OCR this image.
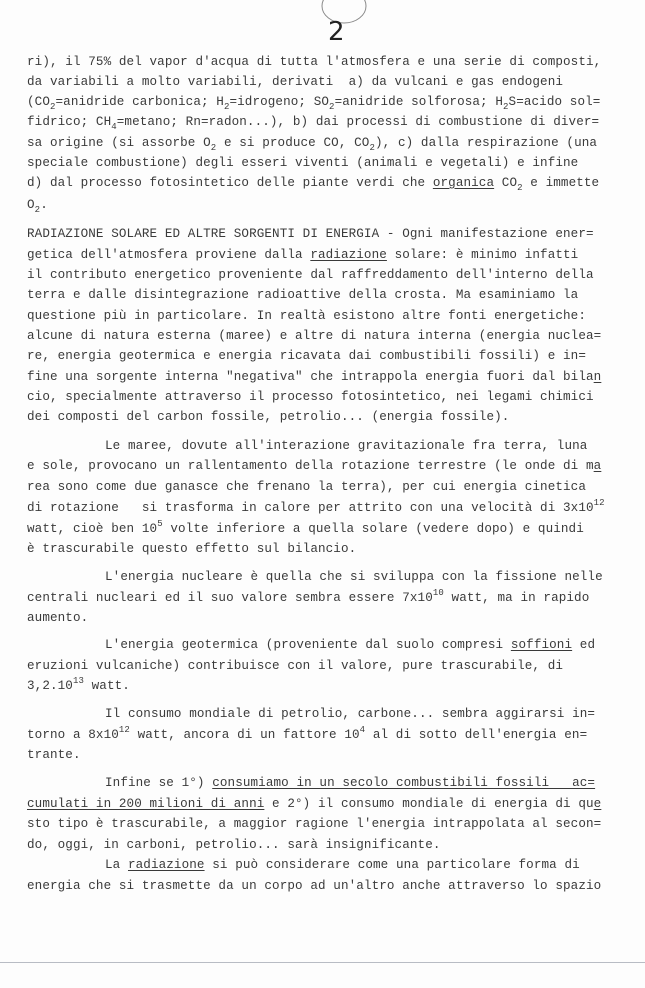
2
ri), il 75% del vapor d'acqua di tutta l'atmosfera e una serie di composti,
da variabili a molto variabili, derivati  a) da vulcani e gas endogeni
($CO_2=anidride$ carbonica; $H_2=idrogeno$; $SO_2=anidride$ solforosa; $H_2S=acido$ sol=
fidrico; $CH_4=metano$; Rn=radon...), b) dai processi di combustione di diver=
sa origine (si assorbe $O_2$ e si produce CO, $CO_2$), c) dalla respirazione (una
speciale combustione) degli esseri viventi (animali e vegetali) e infine
d) dal processo fotosintetico delle piante verdi che organica $CO_2$ e immette
$O_2$.
RADIAZIONE SOLARE ED ALTRE SORGENTI DI ENERGIA - Ogni manifestazione ener=
getica dell'atmosfera proviene dalla radiazione solare: è minimo infatti
il contributo energetico proveniente dal raffreddamento dell'interno della
terra e dalle disintegrazione radioattive della crosta. Ma esaminiamo la
questione più in particolare. In realtà esistono altre fonti energetiche:
alcune di natura esterna (maree) e altre di natura interna (energia nuclea=
re, energia geotermica e energia ricavata dai combustibili fossili) e in=
fine una sorgente interna "negativa" che intrappola energia fuori dal bilan
cio, specialmente attraverso il processo fotosintetico, nei legami chimici
dei composti del carbon fossile, petrolio... (energia fossile).
Le maree, dovute all'interazione gravitazionale fra terra, luna
e sole, provocano un rallentamento della rotazione terrestre (le onde di ma
rea sono come due ganasce che frenano la terra), per cui energia cinetica
di rotazione   si trasforma in calore per attrito con una velocità di $3x10^{12}$
watt, cioè ben $10^5$ volte inferiore a quella solare (vedere dopo) e quindi
è trascurabile questo effetto sul bilancio.
L'energia nucleare è quella che si sviluppa con la fissione nelle
centrali nucleari ed il suo valore sembra essere $7x10^{10}$ watt, ma in rapido
aumento.
L'energia geotermica (proveniente dal suolo compresi soffioni ed
eruzioni vulcaniche) contribuisce con il valore, pure trascurabile, di
3,2.10$^{13}$ watt.
Il consumo mondiale di petrolio, carbone... sembra aggirarsi in=
torno a $8x10^{12}$ watt, ancora di un fattore $10^4$ al di sotto dell'energia en=
trante.
Infine se 1°) consumiamo in un secolo combustibili fossili   ac=
cumulati in 200 milioni di anni e 2°) il consumo mondiale di energia di que
sto tipo è trascurabile, a maggior ragione l'energia intrappolata al secon=
do, oggi, in carboni, petrolio... sarà insignificante.
La radiazione si può considerare come una particolare forma di
energia che si trasmette da un corpo ad un'altro anche attraverso lo spazio
